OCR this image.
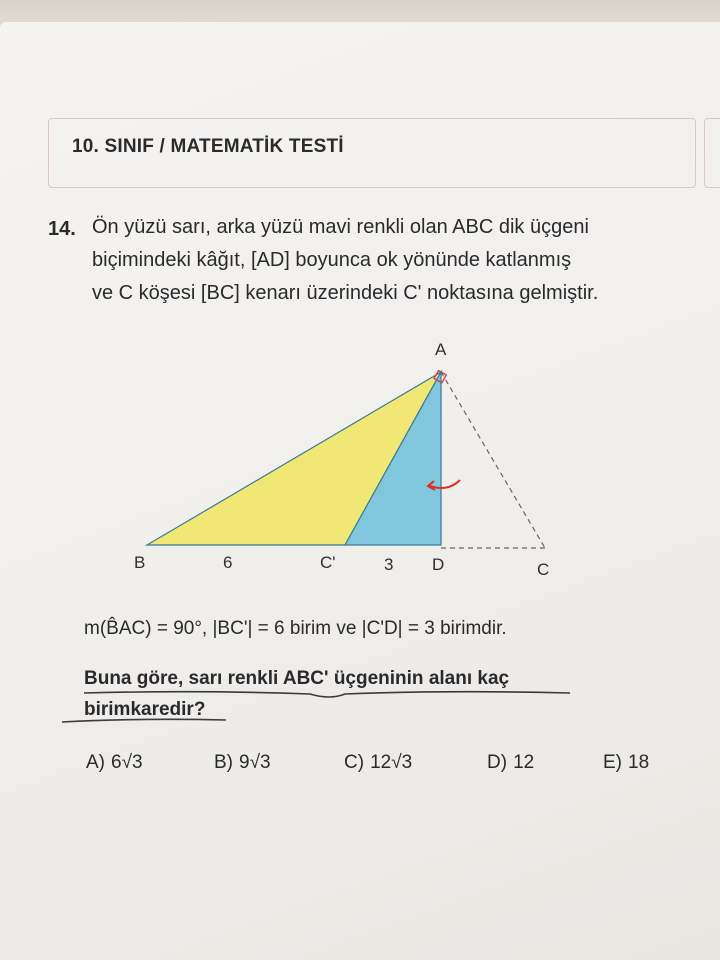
10. SINIF / MATEMATİK TESTİ
14. Ön yüzü sarı, arka yüzü mavi renkli olan ABC dik üçgeni
biçimindeki kâğıt, [AD] boyunca ok yönünde katlanmış
ve C köşesi [BC] kenarı üzerindeki C' noktasına gelmiştir.
A
B	6	C'	3 D	C
m(B̂AC) = 90°, |BC'| = 6 birim ve |C'D| = 3 birimdir.
Buna göre, sarı renkli ABC' üçgeninin alanı kaç
birimkaredir?
A) 6√3	B) 9√3	C) 12√3	D) 12	E) 18
